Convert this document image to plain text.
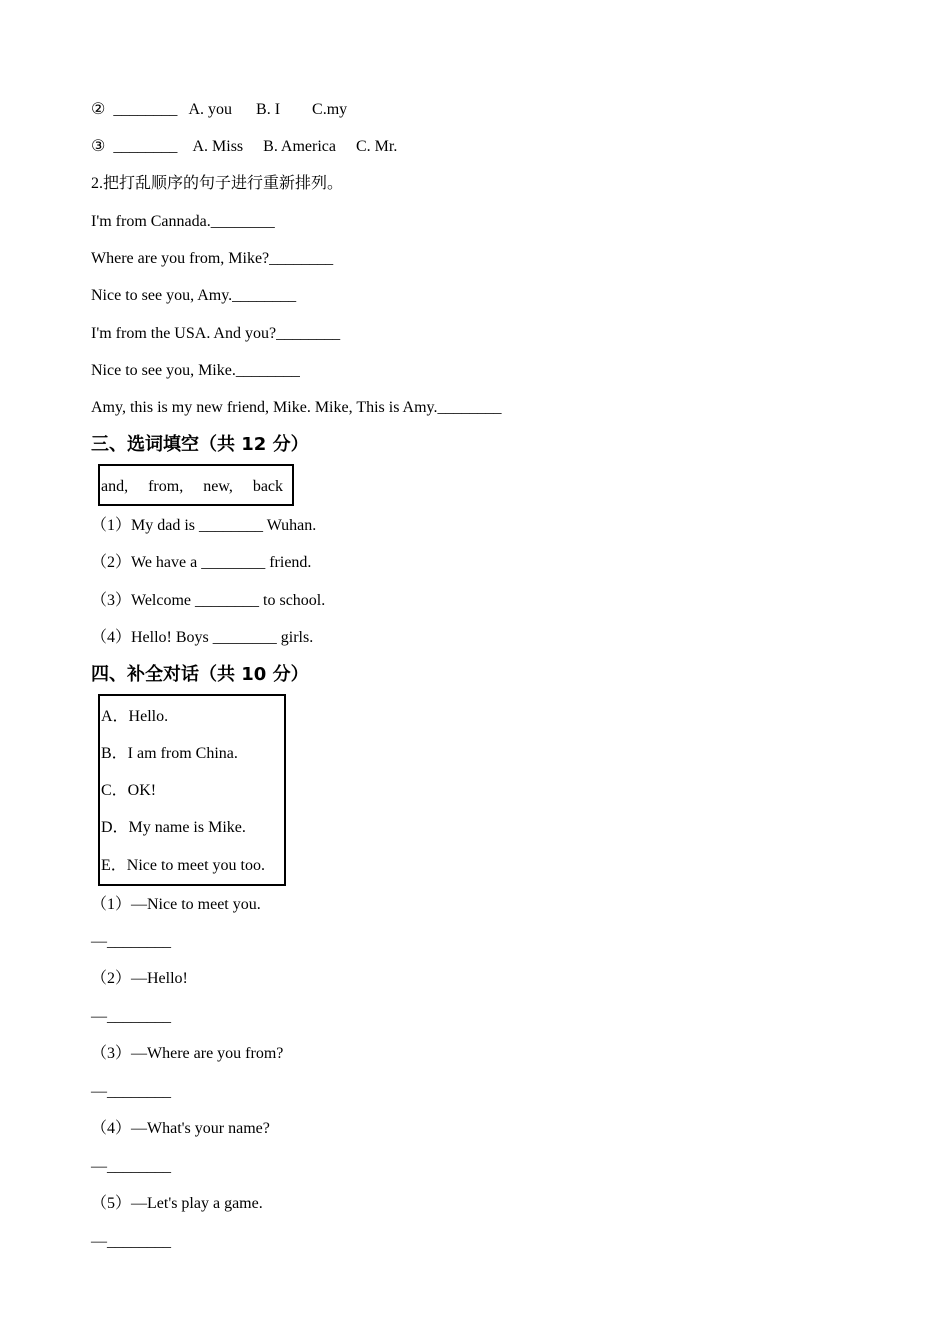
②  ________   A. you      B. I        C.my
③  ________    A. Miss     B. America     C. Mr.
2.把打乱顺序的句子进行重新排列。
I'm from Cannada.________
Where are you from, Mike?________
Nice to see you, Amy.________
I'm from the USA. And you?________
Nice to see you, Mike.________
Amy, this is my new friend, Mike. Mike, This is Amy.________
三、选词填空（共 12 分）
and,     from,     new,     back
（1）My dad is ________ Wuhan.
（2）We have a ________ friend.
（3）Welcome ________ to school.
（4）Hello! Boys ________ girls.
四、补全对话（共 10 分）
A．Hello.
B．I am from China.
C．OK!
D．My name is Mike.
E．Nice to meet you too.
（1）—Nice to meet you.
—________
（2）—Hello!
—________
（3）—Where are you from?
—________
（4）—What's your name?
—________
（5）—Let's play a game.
—________
